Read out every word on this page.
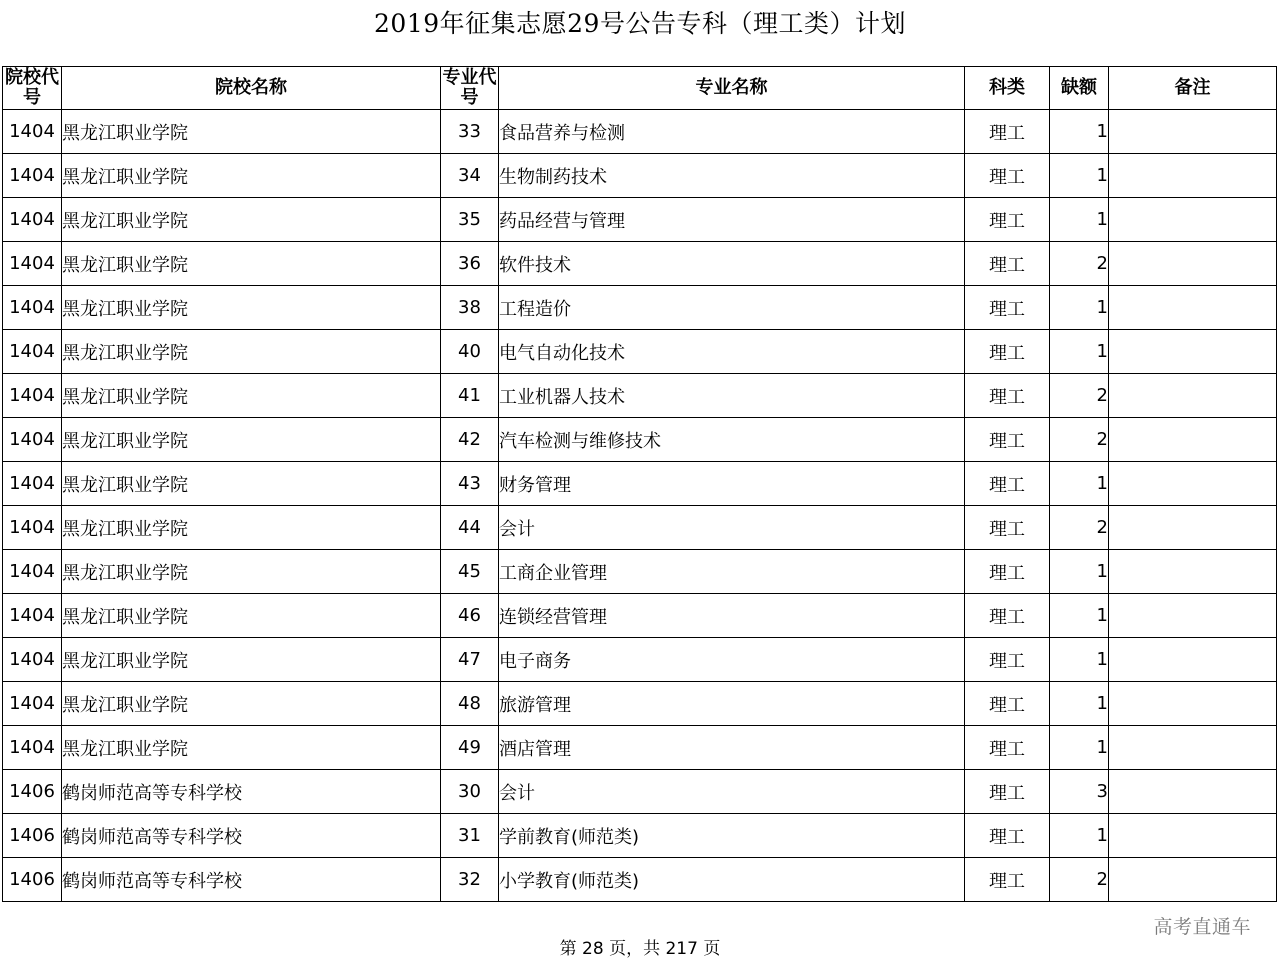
2019年征集志愿29号公告专科（理工类）计划
院校代号	院校名称	专业代号	专业名称	科类	缺额	备注
1404	黑龙江职业学院	33	食品营养与检测	理工	1	
1404	黑龙江职业学院	34	生物制药技术	理工	1	
1404	黑龙江职业学院	35	药品经营与管理	理工	1	
1404	黑龙江职业学院	36	软件技术	理工	2	
1404	黑龙江职业学院	38	工程造价	理工	1	
1404	黑龙江职业学院	40	电气自动化技术	理工	1	
1404	黑龙江职业学院	41	工业机器人技术	理工	2	
1404	黑龙江职业学院	42	汽车检测与维修技术	理工	2	
1404	黑龙江职业学院	43	财务管理	理工	1	
1404	黑龙江职业学院	44	会计	理工	2	
1404	黑龙江职业学院	45	工商企业管理	理工	1	
1404	黑龙江职业学院	46	连锁经营管理	理工	1	
1404	黑龙江职业学院	47	电子商务	理工	1	
1404	黑龙江职业学院	48	旅游管理	理工	1	
1404	黑龙江职业学院	49	酒店管理	理工	1	
1406	鹤岗师范高等专科学校	30	会计	理工	3	
1406	鹤岗师范高等专科学校	31	学前教育(师范类)	理工	1	
1406	鹤岗师范高等专科学校	32	小学教育(师范类)	理工	2	
高考直通车
第 28 页，共 217 页
